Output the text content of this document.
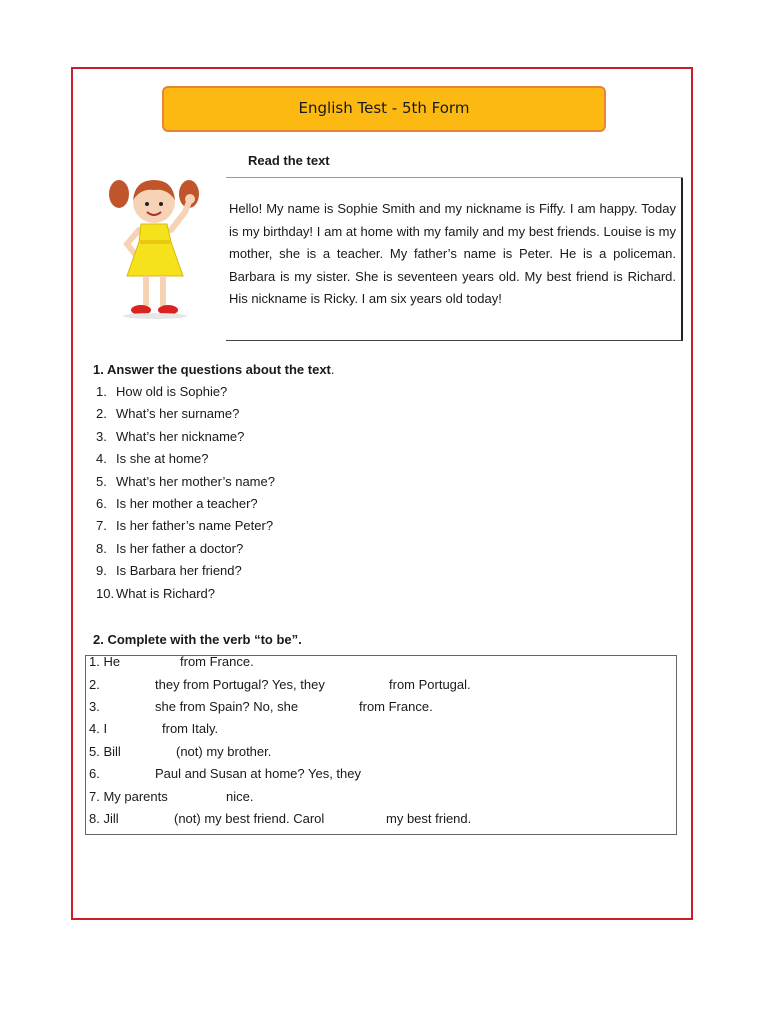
English Test - 5th Form
Read the text

Hello! My name is Sophie Smith and my nickname is Fiffy. I am happy. Today is my birthday! I am at home with my family and my best friends. Louise is my mother, she is a teacher. My father’s name is Peter. He is a policeman. Barbara is my sister. She is seventeen years old. My best friend is Richard. His nickname is Ricky. I am six years old today!

1. Answer the questions about the text.
1. How old is Sophie?
2. What’s her surname?
3. What’s her nickname?
4. Is she at home?
5. What’s her mother’s name?
6. Is her mother a teacher?
7. Is her father’s name Peter?
8. Is her father a doctor?
9. Is Barbara her friend?
10. What is Richard?
2. Complete with the verb “to be”.
1. He	from France.
2.	they from Portugal? Yes, they	from Portugal.
3.	she from Spain? No, she	from France.
4. I	from Italy.
5. Bill	(not) my brother.
6.	Paul and Susan at home? Yes, they
7. My parents	nice.
8. Jill	(not) my best friend. Carol	my best friend.
